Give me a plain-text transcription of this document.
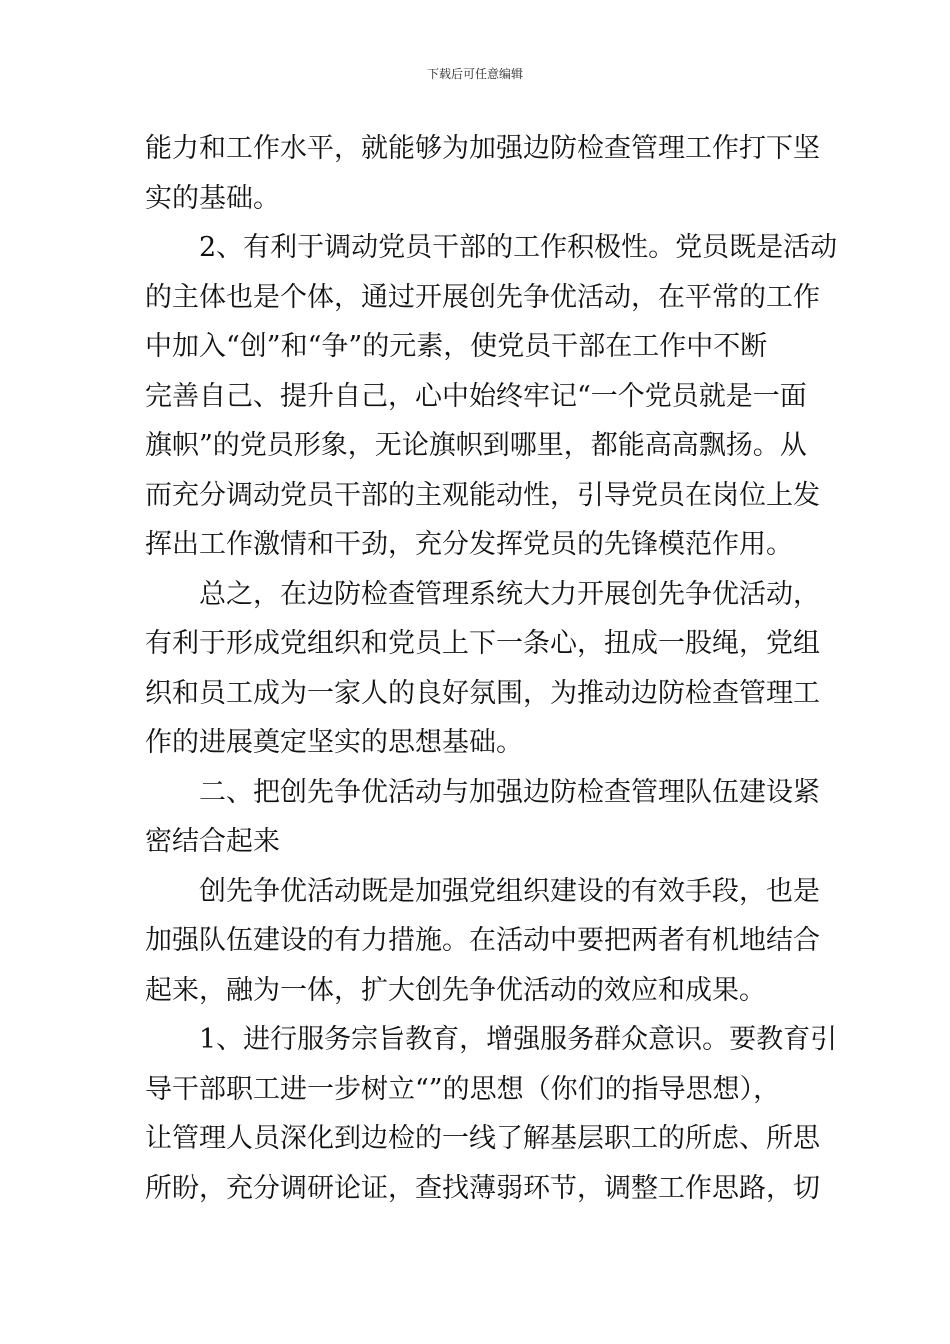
下载后可任意编辑
能力和工作水平，就能够为加强边防检查管理工作打下坚
实的基础。
2、有利于调动党员干部的工作积极性。党员既是活动
的主体也是个体，通过开展创先争优活动，在平常的工作
中加入“创”和“争”的元素，使党员干部在工作中不断
完善自己、提升自己，心中始终牢记“一个党员就是一面
旗帜”的党员形象，无论旗帜到哪里，都能高高飘扬。从
而充分调动党员干部的主观能动性，引导党员在岗位上发
挥出工作激情和干劲，充分发挥党员的先锋模范作用。
总之，在边防检查管理系统大力开展创先争优活动，
有利于形成党组织和党员上下一条心，扭成一股绳，党组
织和员工成为一家人的良好氛围，为推动边防检查管理工
作的进展奠定坚实的思想基础。
二、把创先争优活动与加强边防检查管理队伍建设紧
密结合起来
创先争优活动既是加强党组织建设的有效手段，也是
加强队伍建设的有力措施。在活动中要把两者有机地结合
起来，融为一体，扩大创先争优活动的效应和成果。
1、进行服务宗旨教育，增强服务群众意识。要教育引
导干部职工进一步树立“”的思想（你们的指导思想），
让管理人员深化到边检的一线了解基层职工的所虑、所思
所盼，充分调研论证，查找薄弱环节，调整工作思路，切
